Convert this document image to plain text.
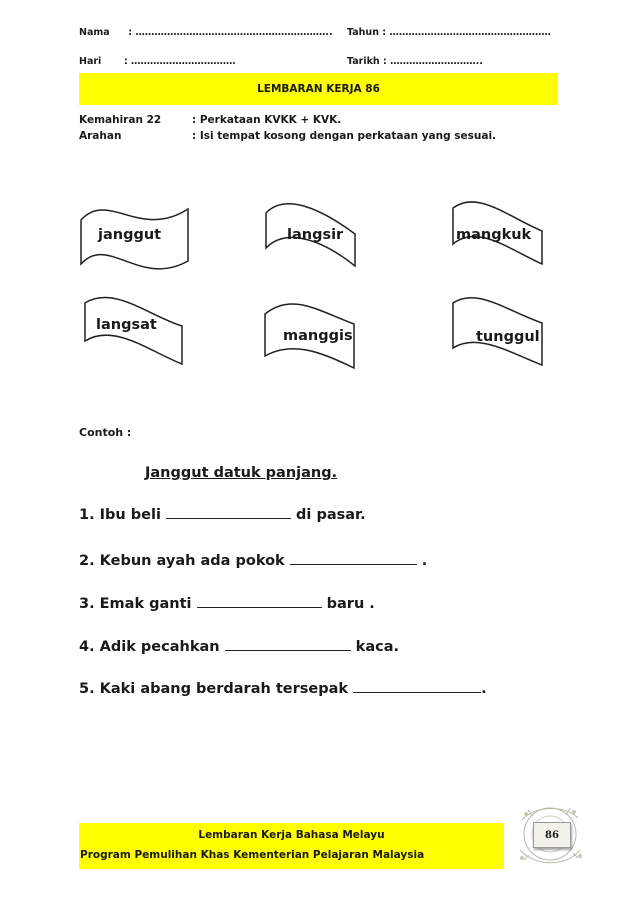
Nama : …………………………………………………….. Tahun : ……………………………………………
Hari : ……………………………	Tarikh : ………………………..
LEMBARAN KERJA 86
Kemahiran 22	: Perkataan KVKK + KVK.
Arahan	: Isi tempat kosong dengan perkataan yang sesuai.
janggut	langsir	mangkuk
langsat
manggis	tunggul
Contoh :
Janggut datuk panjang.
1. Ibu beli	di pasar.
2. Kebun ayah ada pokok	.
3. Emak ganti	baru .
4. Adik pecahkan	kaca.
5. Kaki abang berdarah tersepak	.
Lembaran Kerja Bahasa Melayu
Program Pemulihan Khas Kementerian Pelajaran Malaysia
86
